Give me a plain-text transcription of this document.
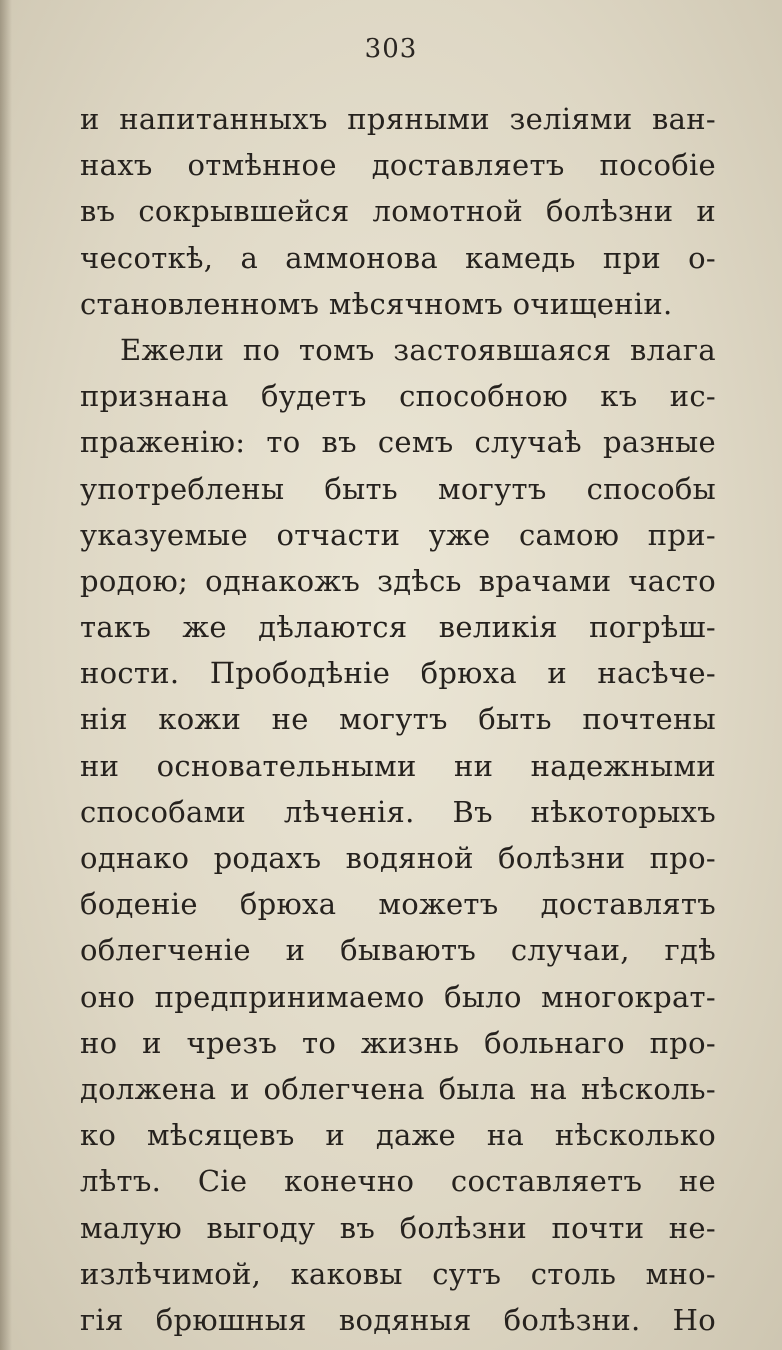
303
и напитанныхъ пряными зеліями ван-
нахъ отмѣнное доставляетъ пособіе
въ сокрывшейся ломотной болѣзни и
чесоткѣ, а аммонова камедь при о-
становленномъ мѣсячномъ очищеніи.
Ежели по томъ застоявшаяся влага
признана будетъ способною къ ис-
праженію: то въ семъ случаѣ разные
употреблены быть могутъ способы
указуемые отчасти уже самою при-
родою; однакожъ здѣсь врачами часто
такъ же дѣлаются великія погрѣш-
ности. Прободѣніе брюха и насѣче-
нія кожи не могутъ быть почтены
ни основательными ни надежными
способами лѣченія. Въ нѣкоторыхъ
однако родахъ водяной болѣзни про-
боденіе брюха можетъ доставлятъ
облегченіе и бываютъ случаи, гдѣ
оно предпринимаемо было многократ-
но и чрезъ то жизнь больнаго про-
должена и облегчена была на нѣсколь-
ко мѣсяцевъ и даже на нѣсколько
лѣтъ. Сіе конечно составляетъ не
малую выгоду въ болѣзни почти не-
излѣчимой, каковы сутъ столь мно-
гія брюшныя водяныя болѣзни. Но
